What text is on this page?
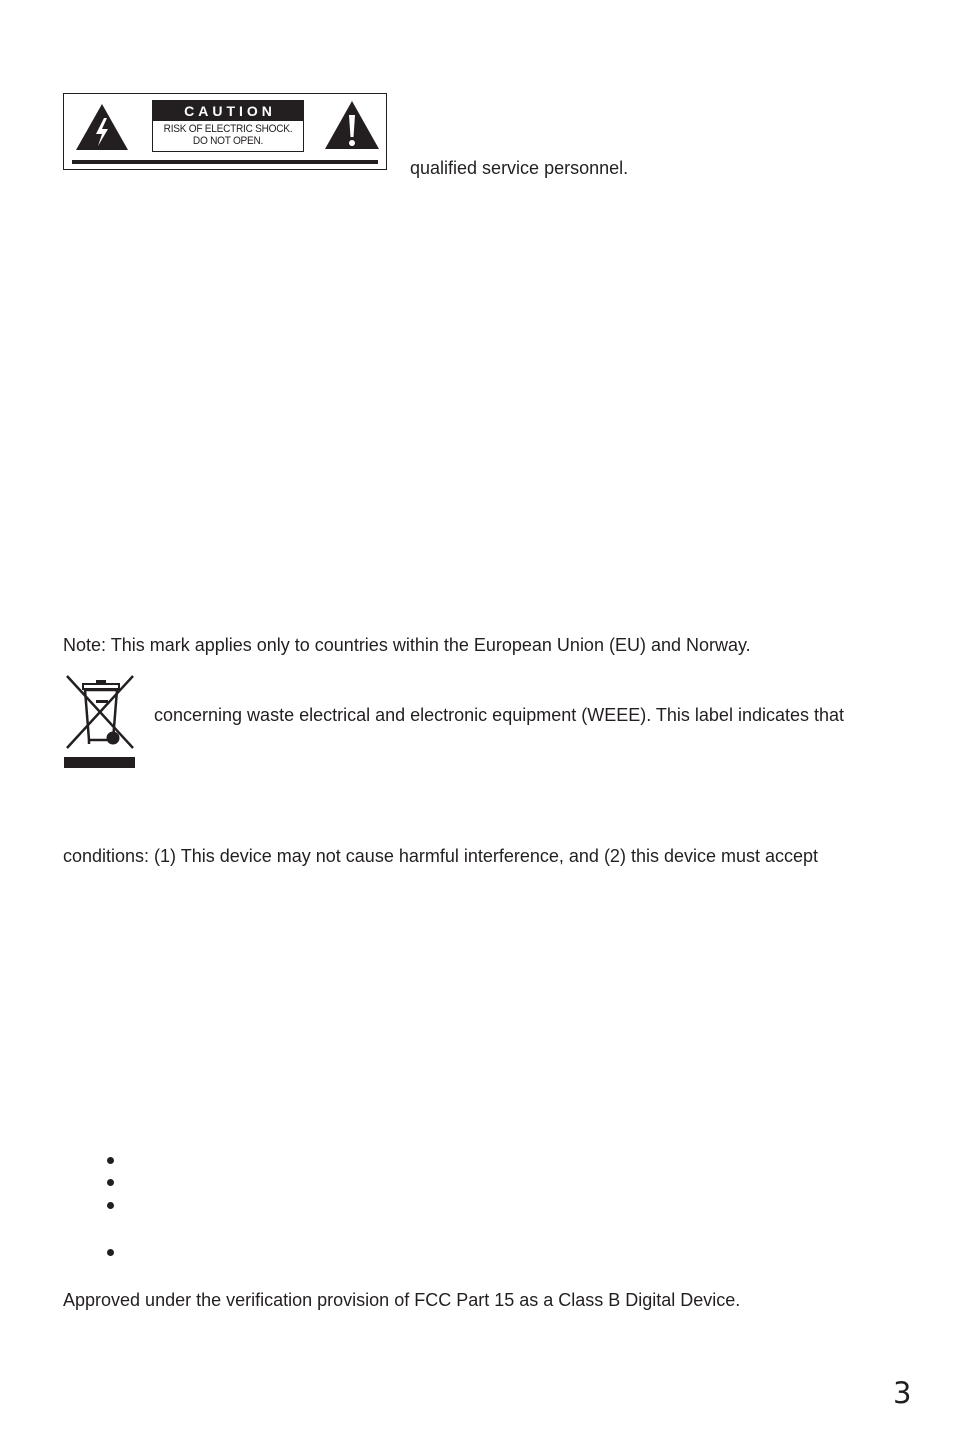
CAUTION
RISK OF ELECTRIC SHOCK.
DO NOT OPEN.
qualified service personnel.
Note: This mark applies only to countries within the European Union (EU) and Norway.
concerning waste electrical and electronic equipment (WEEE). This label indicates that
conditions: (1) This device may not cause harmful interference, and (2) this device must accept
Approved under the verification provision of FCC Part 15 as a Class B Digital Device.
3
